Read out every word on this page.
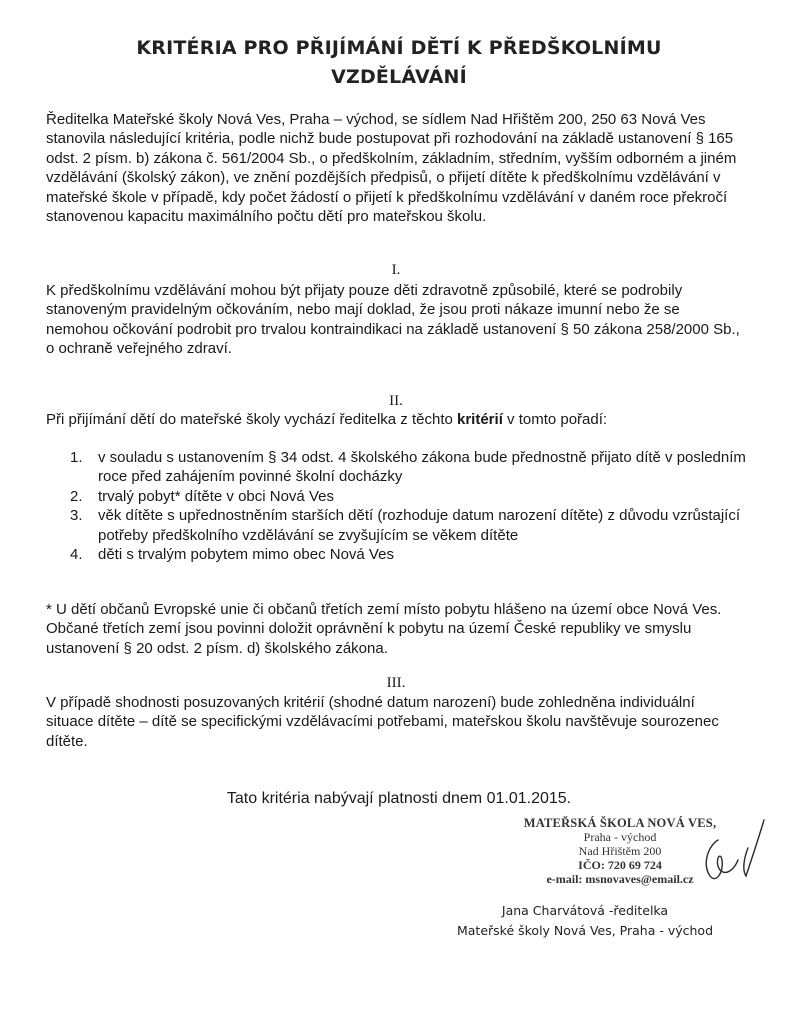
KRITÉRIA PRO PŘIJÍMÁNÍ DĚTÍ K PŘEDŠKOLNÍMU
VZDĚLÁVÁNÍ
Ředitelka Mateřské školy Nová Ves, Praha – východ, se sídlem Nad Hřištěm 200, 250 63 Nová Ves stanovila následující kritéria, podle nichž bude postupovat při rozhodování na základě ustanovení § 165 odst. 2 písm. b) zákona č. 561/2004 Sb., o předškolním, základním, středním, vyšším odborném a jiném vzdělávání (školský zákon), ve znění pozdějších předpisů, o přijetí dítěte k předškolnímu vzdělávání v mateřské škole v případě, kdy počet žádostí o přijetí k předškolnímu vzdělávání v daném roce překročí stanovenou kapacitu maximálního počtu dětí pro mateřskou školu.
I.
K předškolnímu vzdělávání mohou být přijaty pouze děti zdravotně způsobilé, které se podrobily stanoveným pravidelným očkováním, nebo mají doklad, že jsou proti nákaze imunní nebo že se nemohou očkování podrobit pro trvalou kontraindikaci na základě ustanovení § 50 zákona 258/2000 Sb., o ochraně veřejného zdraví.
II.
Při přijímání dětí do mateřské školy vychází ředitelka z těchto kritérií v tomto pořadí:
1. v souladu s ustanovením § 34 odst. 4 školského zákona bude přednostně přijato dítě v posledním roce před zahájením povinné školní docházky
2. trvalý pobyt* dítěte v obci Nová Ves
3. věk dítěte s upřednostněním starších dětí (rozhoduje datum narození dítěte) z důvodu vzrůstající potřeby předškolního vzdělávání se zvyšujícím se věkem dítěte
4. děti s trvalým pobytem mimo obec Nová Ves
* U dětí občanů Evropské unie či občanů třetích zemí místo pobytu hlášeno na území obce Nová Ves. Občané třetích zemí jsou povinni doložit oprávnění k pobytu na území České republiky ve smyslu ustanovení § 20 odst. 2 písm. d) školského zákona.
III.
V případě shodnosti posuzovaných kritérií (shodné datum narození) bude zohledněna individuální situace dítěte – dítě se specifickými vzdělávacími potřebami, mateřskou školu navštěvuje sourozenec dítěte.
Tato kritéria nabývají platnosti dnem 01.01.2015.
MATEŘSKÁ ŠKOLA NOVÁ VES,
Praha - východ
Nad Hřištěm 200
IČO: 720 69 724
e-mail: msnovaves@email.cz
Jana Charvátová -ředitelka
Mateřské školy Nová Ves, Praha - východ
